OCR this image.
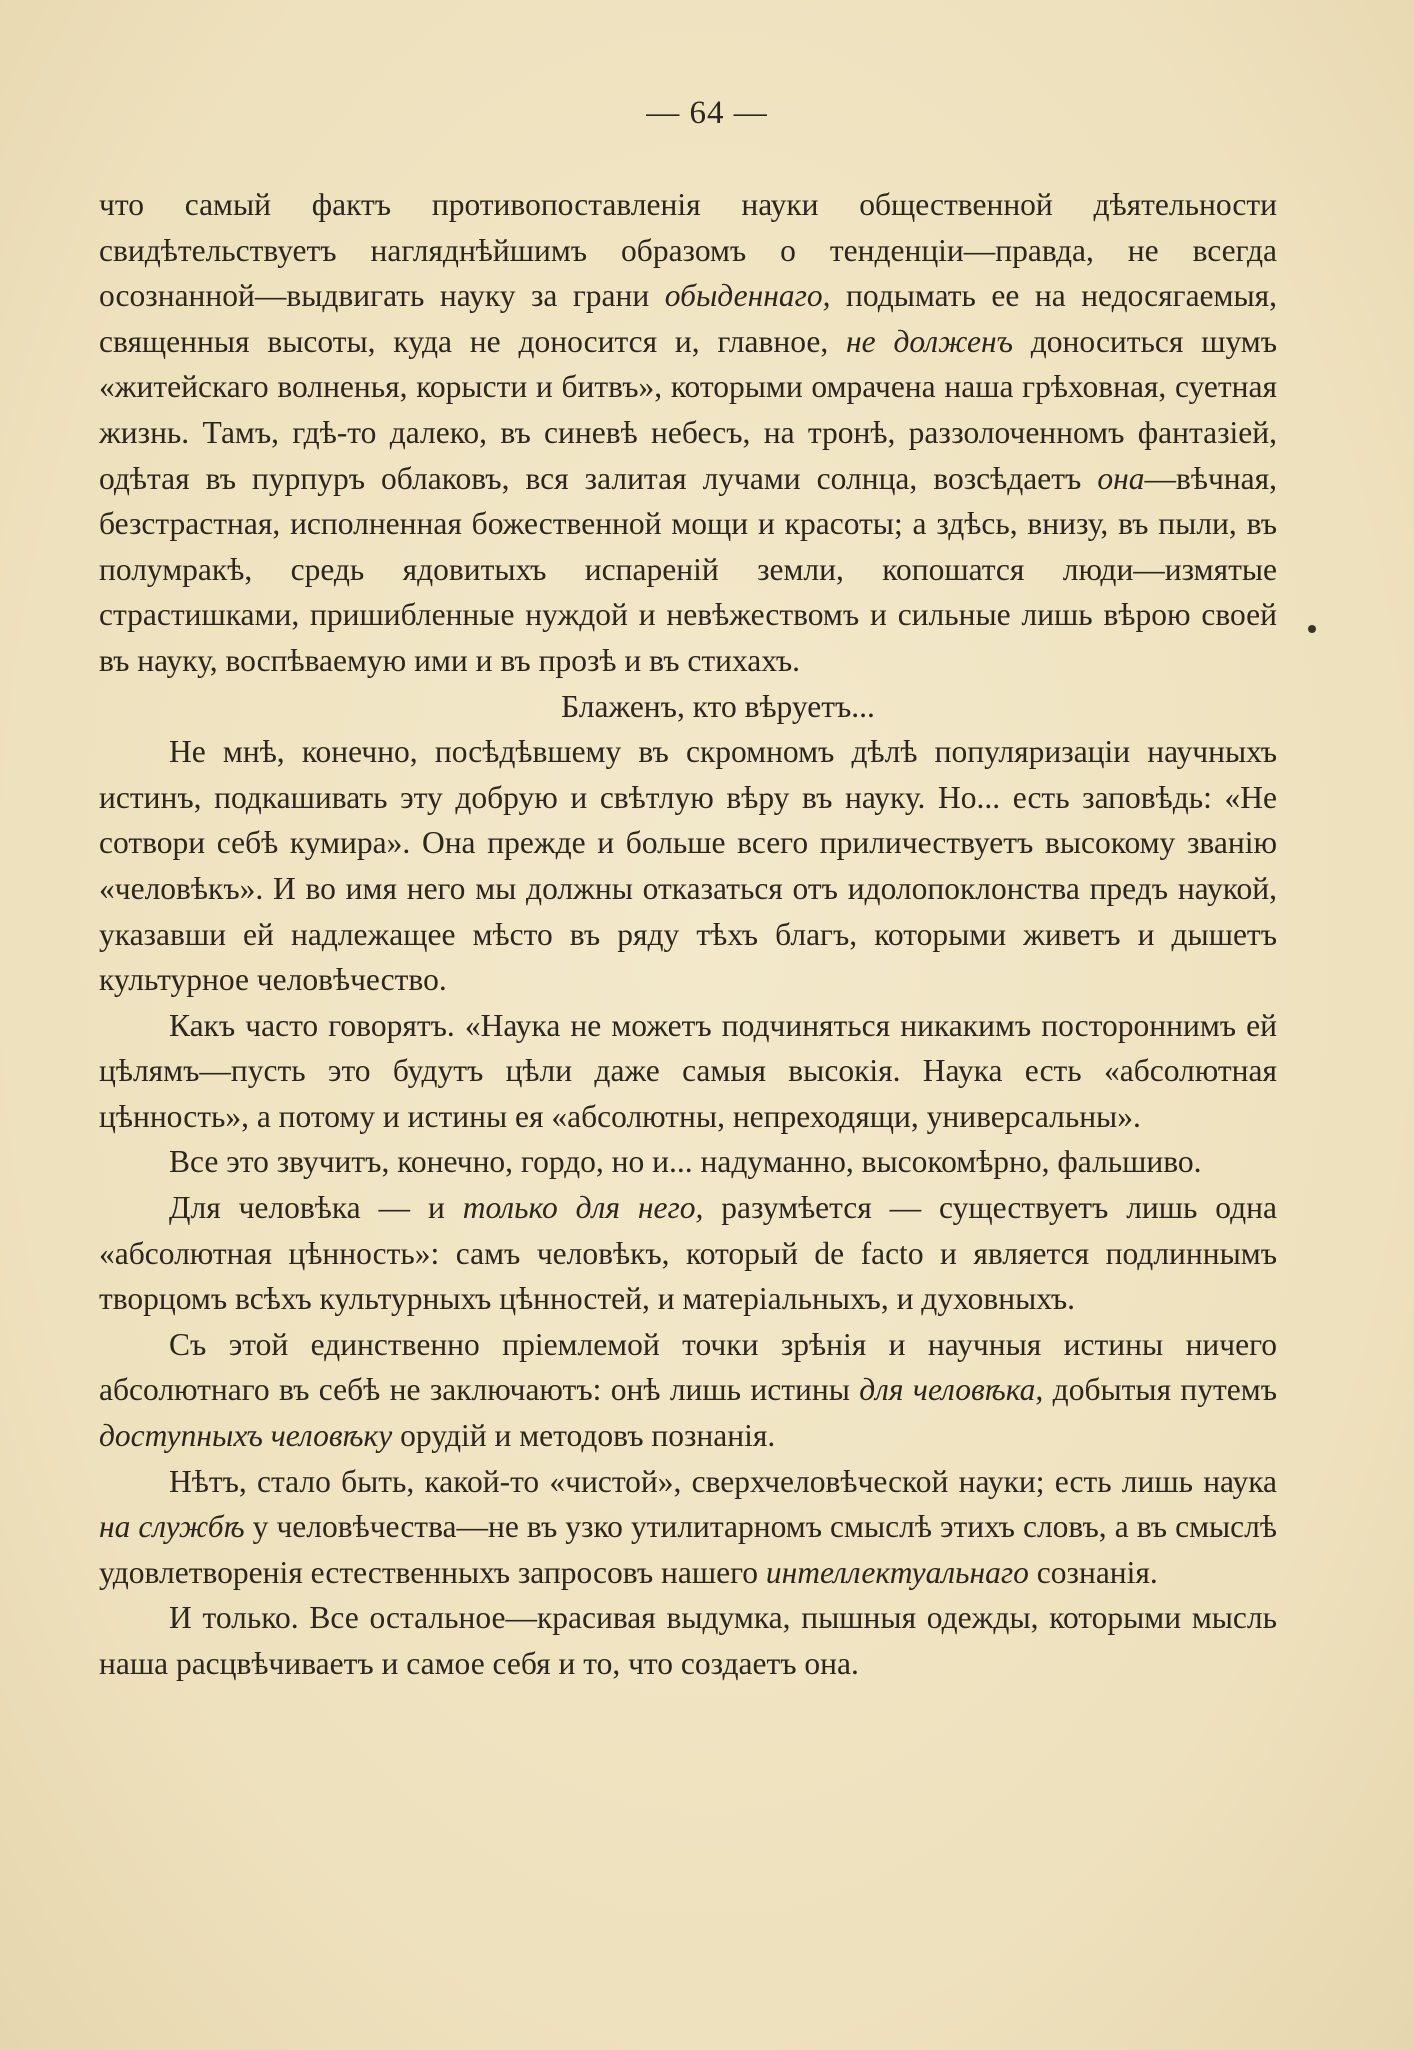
— 64 —

что самый фактъ противопоставленія науки общественной дѣятельности свидѣтельствуетъ нагляднѣйшимъ образомъ о тенденціи—правда, не всегда осознанной—выдвигать науку за грани обыденнаго, подымать ее на недосягаемыя, священныя высоты, куда не доносится и, главное, не долженъ доноситься шумъ «житейскаго волненья, корысти и битвъ», которыми омрачена наша грѣховная, суетная жизнь. Тамъ, гдѣ-то далеко, въ синевѣ небесъ, на тронѣ, раззолоченномъ фантазіей, одѣтая въ пурпуръ облаковъ, вся залитая лучами солнца, возсѣдаетъ она—вѣчная, безстрастная, исполненная божественной мощи и красоты; а здѣсь, внизу, въ пыли, въ полумракѣ, средь ядовитыхъ испареній земли, копошатся люди—измятые страстишками, пришибленные нуждой и невѣжествомъ и сильные лишь вѣрою своей въ науку, воспѣваемую ими и въ прозѣ и въ стихахъ.

Блаженъ, кто вѣруетъ...

Не мнѣ, конечно, посѣдѣвшему въ скромномъ дѣлѣ популяризаціи научныхъ истинъ, подкашивать эту добрую и свѣтлую вѣру въ науку. Но... есть заповѣдь: «Не сотвори себѣ кумира». Она прежде и больше всего приличествуетъ высокому званію «человѣкъ». И во имя него мы должны отказаться отъ идолопоклонства предъ наукой, указавши ей надлежащее мѣсто въ ряду тѣхъ благъ, которыми живетъ и дышетъ культурное человѣчество.

Какъ часто говорятъ. «Наука не можетъ подчиняться никакимъ постороннимъ ей цѣлямъ—пусть это будутъ цѣли даже самыя высокія. Наука есть «абсолютная цѣнность», а потому и истины ея «абсолютны, непреходящи, универсальны».

Все это звучитъ, конечно, гордо, но и... надуманно, высокомѣрно, фальшиво.

Для человѣка — и только для него, разумѣется — существуетъ лишь одна «абсолютная цѣнность»: самъ человѣкъ, который de facto и является подлиннымъ творцомъ всѣхъ культурныхъ цѣнностей, и матеріальныхъ, и духовныхъ.

Съ этой единственно пріемлемой точки зрѣнія и научныя истины ничего абсолютнаго въ себѣ не заключаютъ: онѣ лишь истины для человѣка, добытыя путемъ доступныхъ человѣку орудій и методовъ познанія.

Нѣтъ, стало быть, какой-то «чистой», сверхчеловѣческой науки; есть лишь наука на службѣ у человѣчества—не въ узко утилитарномъ смыслѣ этихъ словъ, а въ смыслѣ удовлетворенія естественныхъ запросовъ нашего интеллектуальнаго сознанія.

И только. Все остальное—красивая выдумка, пышныя одежды, которыми мысль наша расцвѣчиваетъ и самое себя и то, что создаетъ она.
